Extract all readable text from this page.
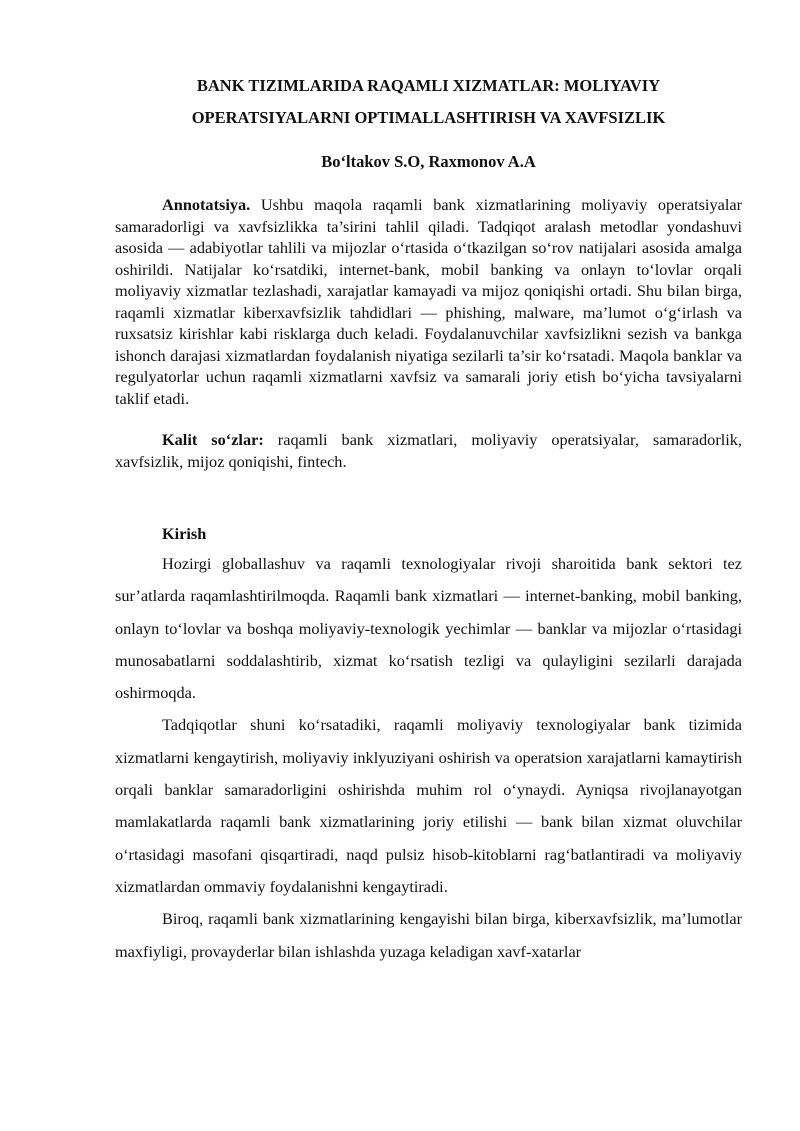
BANK TIZIMLARIDA RAQAMLI XIZMATLAR: MOLIYAVIY
OPERATSIYALARNI OPTIMALLASHTIRISH VA XAVFSIZLIK

Bo‘ltakov S.O, Raxmonov A.A

Annotatsiya. Ushbu maqola raqamli bank xizmatlarining moliyaviy operatsiyalar samaradorligi va xavfsizlikka ta’sirini tahlil qiladi. Tadqiqot aralash metodlar yondashuvi asosida — adabiyotlar tahlili va mijozlar o‘rtasida o‘tkazilgan so‘rov natijalari asosida amalga oshirildi. Natijalar ko‘rsatdiki, internet-bank, mobil banking va onlayn to‘lovlar orqali moliyaviy xizmatlar tezlashadi, xarajatlar kamayadi va mijoz qoniqishi ortadi. Shu bilan birga, raqamli xizmatlar kiberxavfsizlik tahdidlari — phishing, malware, ma’lumot o‘g‘irlash va ruxsatsiz kirishlar kabi risklarga duch keladi. Foydalanuvchilar xavfsizlikni sezish va bankga ishonch darajasi xizmatlardan foydalanish niyatiga sezilarli ta’sir ko‘rsatadi. Maqola banklar va regulyatorlar uchun raqamli xizmatlarni xavfsiz va samarali joriy etish bo‘yicha tavsiyalarni taklif etadi.

Kalit so‘zlar: raqamli bank xizmatlari, moliyaviy operatsiyalar, samaradorlik, xavfsizlik, mijoz qoniqishi, fintech.

Kirish

Hozirgi globallashuv va raqamli texnologiyalar rivoji sharoitida bank sektori tez sur’atlarda raqamlashtirilmoqda. Raqamli bank xizmatlari — internet-banking, mobil banking, onlayn to‘lovlar va boshqa moliyaviy-texnologik yechimlar — banklar va mijozlar o‘rtasidagi munosabatlarni soddalashtirib, xizmat ko‘rsatish tezligi va qulayligini sezilarli darajada oshirmoqda.

Tadqiqotlar shuni ko‘rsatadiki, raqamli moliyaviy texnologiyalar bank tizimida xizmatlarni kengaytirish, moliyaviy inklyuziyani oshirish va operatsion xarajatlarni kamaytirish orqali banklar samaradorligini oshirishda muhim rol o‘ynaydi. Ayniqsa rivojlanayotgan mamlakatlarda raqamli bank xizmatlarining joriy etilishi — bank bilan xizmat oluvchilar o‘rtasidagi masofani qisqartiradi, naqd pulsiz hisob-kitoblarni rag‘batlantiradi va moliyaviy xizmatlardan ommaviy foydalanishni kengaytiradi.

Biroq, raqamli bank xizmatlarining kengayishi bilan birga, kiberxavfsizlik, ma’lumotlar maxfiyligi, provayderlar bilan ishlashda yuzaga keladigan xavf-xatarlar
